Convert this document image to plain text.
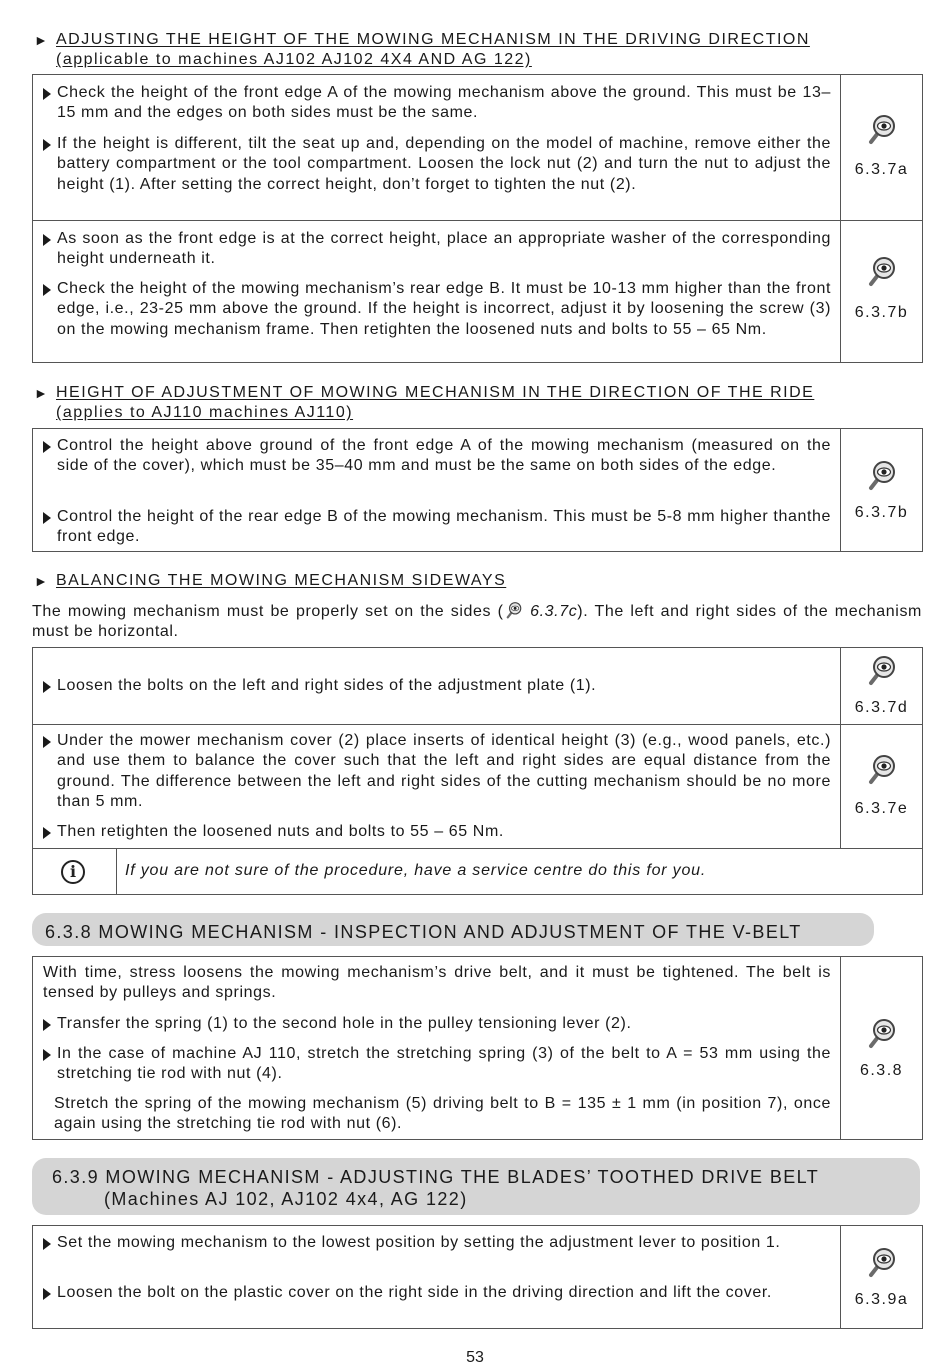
► ADJUSTING THE HEIGHT OF THE MOWING MECHANISM IN THE DRIVING DIRECTION
(applicable to machines AJ102 AJ102 4X4 AND AG 122)
Check the height of the front edge A of the mowing mechanism above the ground. This must be 13–15 mm and the edges on both sides must be the same.
If the height is different, tilt the seat up and, depending on the model of machine, remove either the battery compartment or the tool compartment. Loosen the lock nut (2) and turn the nut to adjust the height (1). After setting the correct height, don’t forget to tighten the nut (2).
6.3.7a
As soon as the front edge is at the correct height, place an appropriate washer of the corresponding height underneath it.
Check the height of the mowing mechanism’s rear edge B. It must be 10-13 mm higher than the front edge, i.e., 23-25 mm above the ground. If the height is incorrect, adjust it by loosening the screw (3) on the mowing mechanism frame. Then retighten the loosened nuts and bolts to 55 – 65 Nm.
6.3.7b
► HEIGHT OF ADJUSTMENT OF MOWING MECHANISM IN THE DIRECTION OF THE RIDE
(applies to AJ110 machines AJ110)
Control the height above ground of the front edge A of the mowing mechanism (measured on the side of the cover), which must be 35–40 mm and must be the same on both sides of the edge.
Control the height of the rear edge B of the mowing mechanism. This must be 5-8 mm higher thanthe front edge.
6.3.7b
► BALANCING THE MOWING MECHANISM SIDEWAYS
The mowing mechanism must be properly set on the sides ( 6.3.7c). The left and right sides of the mechanism must be horizontal.
Loosen the bolts on the left and right sides of the adjustment plate (1).
6.3.7d
Under the mower mechanism cover (2) place inserts of identical height (3) (e.g., wood panels, etc.) and use them to balance the cover such that the left and right sides are equal distance from the ground. The difference between the left and right sides of the cutting mechanism should be no more than 5 mm.
Then retighten the loosened nuts and bolts to 55 – 65 Nm.
6.3.7e
i	If you are not sure of the procedure, have a service centre do this for you.
6.3.8 MOWING MECHANISM - INSPECTION AND ADJUSTMENT OF THE V-BELT
With time, stress loosens the mowing mechanism’s drive belt, and it must be tightened. The belt is tensed by pulleys and springs.
Transfer the spring (1) to the second hole in the pulley tensioning lever (2).
In the case of machine AJ 110, stretch the stretching spring (3) of the belt to A = 53 mm using the stretching tie rod with nut (4).
Stretch the spring of the mowing mechanism (5) driving belt to B = 135 ± 1 mm (in position 7), once again using the stretching tie rod with nut (6).
6.3.8
6.3.9 MOWING MECHANISM - ADJUSTING THE BLADES’ TOOTHED DRIVE BELT
(Machines AJ 102, AJ102 4x4, AG 122)
Set the mowing mechanism to the lowest position by setting the adjustment lever to position 1.
Loosen the bolt on the plastic cover on the right side in the driving direction and lift the cover.	6.3.9a
53
